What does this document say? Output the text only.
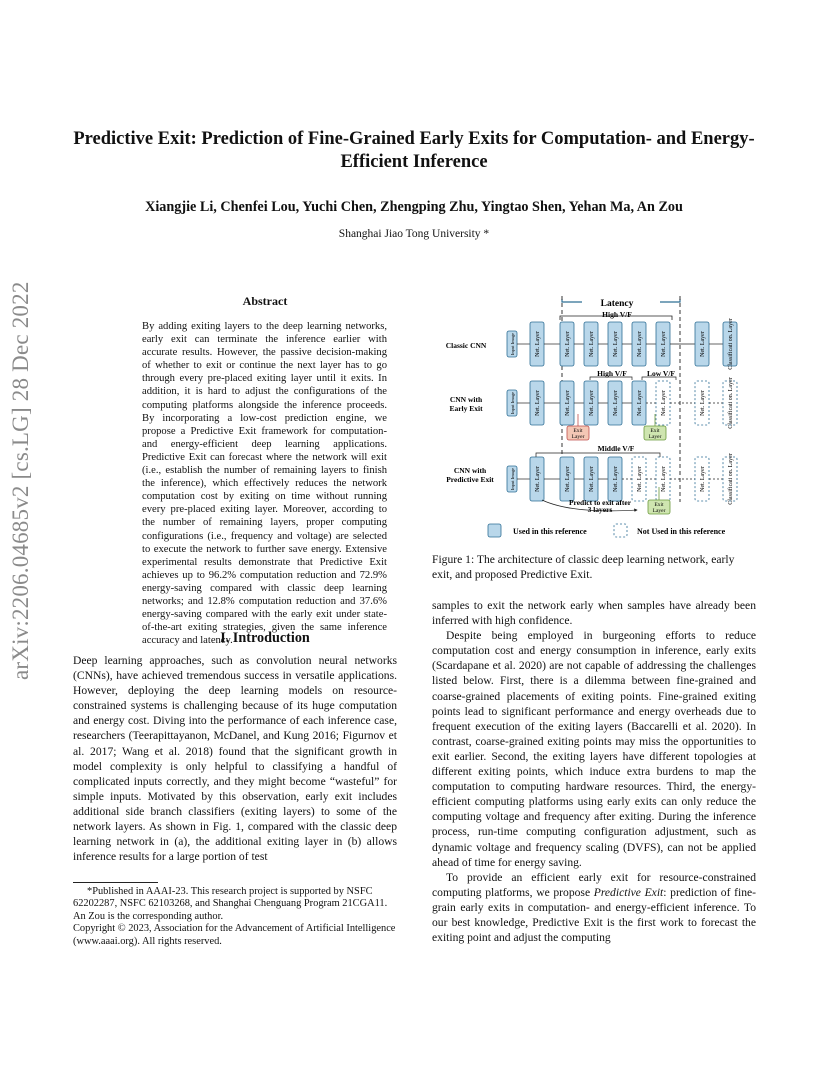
arXiv:2206.04685v2 [cs.LG] 28 Dec 2022
Predictive Exit: Prediction of Fine-Grained Early Exits for Computation- and Energy-Efficient Inference
Xiangjie Li, Chenfei Lou, Yuchi Chen, Zhengping Zhu, Yingtao Shen, Yehan Ma, An Zou
Shanghai Jiao Tong University *
Abstract
By adding exiting layers to the deep learning networks, early exit can terminate the inference earlier with accurate results. However, the passive decision-making of whether to exit or continue the next layer has to go through every pre-placed exiting layer until it exits. In addition, it is hard to adjust the configurations of the computing platforms alongside the inference proceeds. By incorporating a low-cost prediction engine, we propose a Predictive Exit framework for computation- and energy-efficient deep learning applications. Predictive Exit can forecast where the network will exit (i.e., establish the number of remaining layers to finish the inference), which effectively reduces the network computation cost by exiting on time without running every pre-placed exiting layer. Moreover, according to the number of remaining layers, proper computing configurations (i.e., frequency and voltage) are selected to execute the network to further save energy. Extensive experimental results demonstrate that Predictive Exit achieves up to 96.2% computation reduction and 72.9% energy-saving compared with classic deep learning networks; and 12.8% computation reduction and 37.6% energy-saving compared with the early exit under state-of-the-art exiting strategies, given the same inference accuracy and latency.
I. Introduction

Deep learning approaches, such as convolution neural networks (CNNs), have achieved tremendous success in versatile applications. However, deploying the deep learning models on resource-constrained systems is challenging because of its huge computation and energy cost. Diving into the performance of each inference case, researchers (Teerapittayanon, McDanel, and Kung 2016; Figurnov et al. 2017; Wang et al. 2018) found that the significant growth in model complexity is only helpful to classifying a handful of complicated inputs correctly, and they might become “wasteful” for simple inputs. Motivated by this observation, early exit includes additional side branch classifiers (exiting layers) to some of the network layers. As shown in Fig. 1, compared with the classic deep learning network in (a), the additional exiting layer in (b) allows inference results for a large portion of test

*Published in AAAI-23. This research project is supported by NSFC 62202287, NSFC 62103268, and Shanghai Chenguang Program 21CGA11. An Zou is the corresponding author.

Copyright © 2023, Association for the Advancement of Artificial Intelligence (www.aaai.org). All rights reserved.

Latency
High V/F
Classic CNN
CNN with
Early Exit
CNN with
Predictive Exit
Input Image	Net. Layer	Net. Layer	Net. Layer	Net. Layer	Net. Layer	Net. Layer	Net. Layer	Classificati on. Layer
Input Image	Net. Layer	Net. Layer	Net. Layer	Net. Layer	Net. Layer	Net. Layer	Net. Layer	Classificati on. Layer
Input Image	Net. Layer	Net. Layer	Net. Layer	Net. Layer	Net. Layer	Net. Layer	Net. Layer	Classificati on. Layer
High V/F	Low V/F
Exit
Layer
Exit
Layer
Middle V/F
Exit
Layer
Predict to exit after
3 layers
Used in this reference	Not Used in this reference
Figure 1: The architecture of classic deep learning network, early exit, and proposed Predictive Exit.

samples to exit the network early when samples have already been inferred with high confidence.

Despite being employed in burgeoning efforts to reduce computation cost and energy consumption in inference, early exits (Scardapane et al. 2020) are not capable of addressing the challenges listed below. First, there is a dilemma between fine-grained and coarse-grained placements of exiting points. Fine-grained exiting points lead to significant performance and energy overheads due to frequent execution of the exiting layers (Baccarelli et al. 2020). In contrast, coarse-grained exiting points may miss the opportunities to exit earlier. Second, the exiting layers have different topologies at different exiting points, which induce extra burdens to map the computation to computing hardware resources. Third, the energy-efficient computing platforms using early exits can only reduce the computing voltage and frequency after exiting. During the inference process, run-time computing configuration adjustment, such as dynamic voltage and frequency scaling (DVFS), can not be applied ahead of time for energy saving.

To provide an efficient early exit for resource-constrained computing platforms, we propose Predictive Exit: prediction of fine-grain early exits in computation- and energy-efficient inference. To our best knowledge, Predictive Exit is the first work to forecast the exiting point and adjust the computing
